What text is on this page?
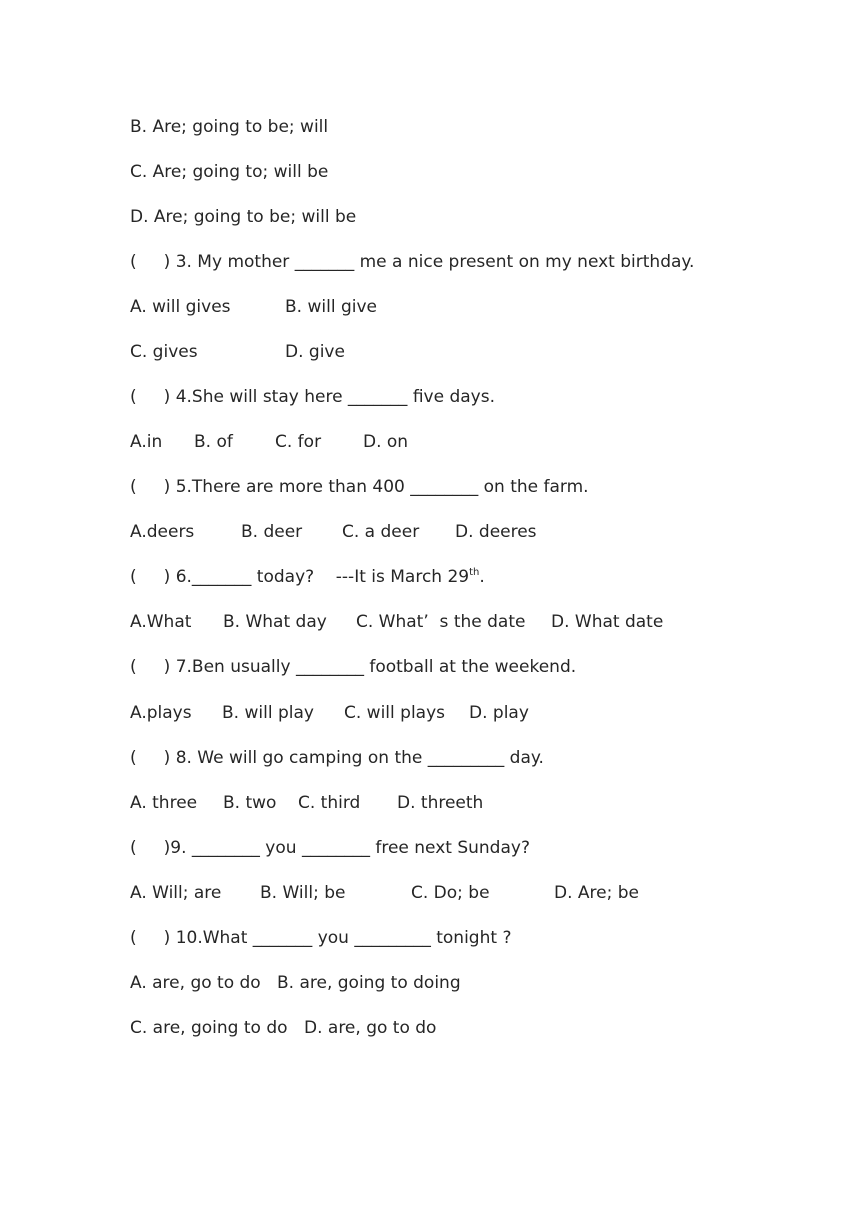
B. Are; going to be; will
C. Are; going to; will be
D. Are; going to be; will be
(     ) 3. My mother _______ me a nice present on my next birthday.

A. will gives

	B. will give

C. gives

	D. give

(     ) 4.She will stay here _______ five days.

A.in

B. of

C. for

D. on

(     ) 5.There are more than 400 ________ on the farm.

A.deers

	B. deer

C. a deer

D. deeres

(     ) 6._______ today?    ---It is March 29th.

A.What

B. What day

C. What’  s the date

D. What date

(     ) 7.Ben usually ________ football at the weekend.

A.plays

B. will play

C. will plays

D. play

(     ) 8. We will go camping on the _________ day.

A. three

B. two

C. third

D. threeth

(     )9. ________ you ________ free next Sunday?

A. Will; are

B. Will; be

	C. Do; be

	D. Are; be

(     ) 10.What _______ you _________ tonight ?

A. are, go to do

B. are, going to doing

C. are, going to do

D. are, go to do
